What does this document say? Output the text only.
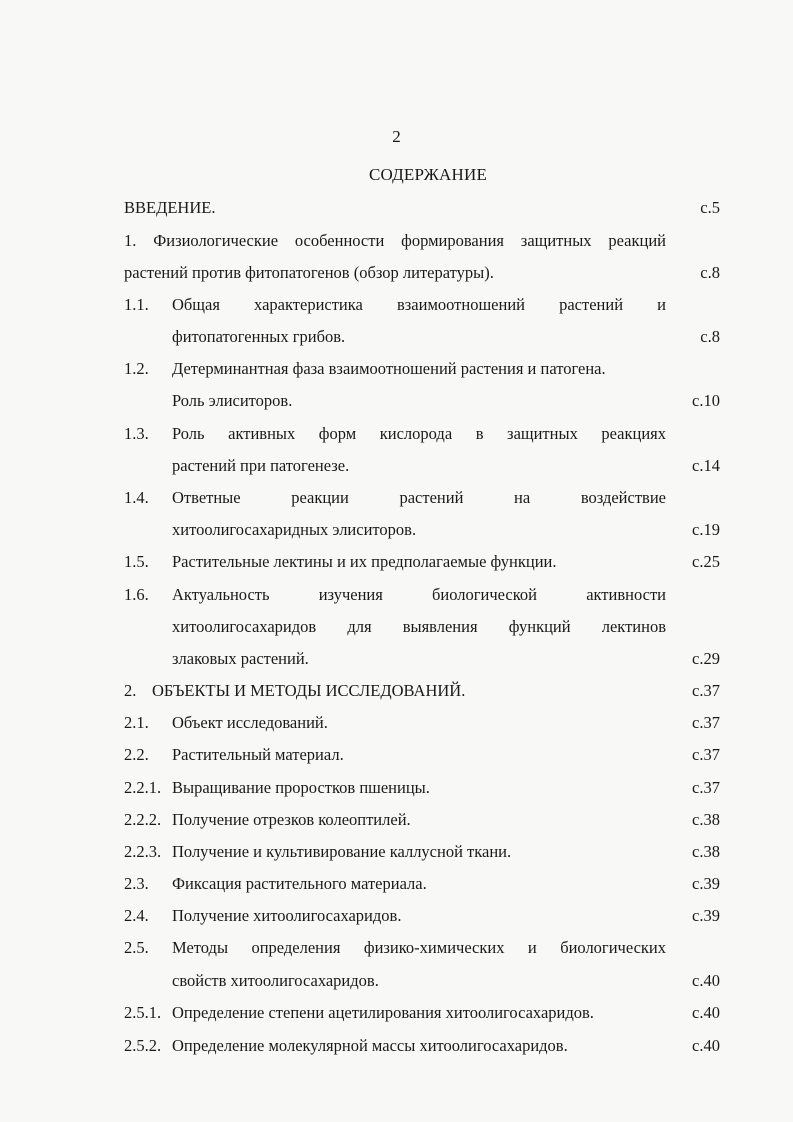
2
СОДЕРЖАНИЕ
ВВЕДЕНИЕ.	с.5
1. Физиологические особенности формирования защитных реакций
растений против фитопатогенов (обзор литературы).	с.8
1.1. Общая характеристика взаимоотношений растений и
фитопатогенных грибов.	с.8
1.2. Детерминантная фаза взаимоотношений растения и патогена.
Роль элиситоров.	с.10
1.3. Роль активных форм кислорода в защитных реакциях
растений при патогенезе.	с.14
1.4. Ответные реакции растений на воздействие
хитоолигосахаридных элиситоров.	с.19
1.5. Растительные лектины и их предполагаемые функции.	с.25
1.6. Актуальность изучения биологической активности
хитоолигосахаридов для выявления функций лектинов
злаковых растений.	с.29
2. ОБЪЕКТЫ И МЕТОДЫ ИССЛЕДОВАНИЙ.	с.37
2.1. Объект исследований.	с.37
2.2. Растительный материал.	с.37
2.2.1. Выращивание проростков пшеницы.	с.37
2.2.2. Получение отрезков колеоптилей.	с.38
2.2.3. Получение и культивирование каллусной ткани.	с.38
2.3. Фиксация растительного материала.	с.39
2.4. Получение хитоолигосахаридов.	с.39
2.5. Методы определения физико-химических и биологических
свойств хитоолигосахаридов.	с.40
2.5.1. Определение степени ацетилирования хитоолигосахаридов.	с.40
2.5.2. Определение молекулярной массы хитоолигосахаридов.	с.40
